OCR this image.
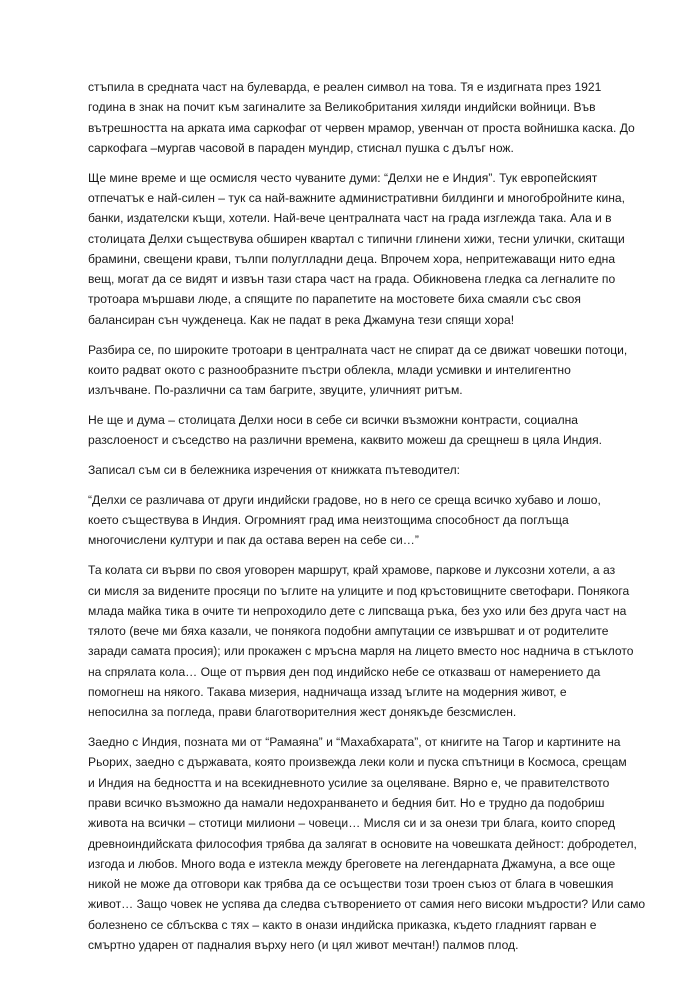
стъпила в средната част на булеварда, е реален символ на това. Тя е издигната през 1921
година в знак на почит към загиналите за Великобритания хиляди индийски войници. Във
вътрешността на арката има саркофаг от червен мрамор, увенчан от проста войнишка каска. До
саркофага –мургав часовой в параден мундир, стиснал пушка с дълъг нож.

Ще мине време и ще осмисля често чуваните думи: “Делхи не е Индия”. Тук европейският
отпечатък е най-силен – тук са най-важните административни билдинги и многобройните кина,
банки, издателски къщи, хотели. Най-вече централната част на града изглежда така. Ала и в
столицата Делхи съществува обширен квартал с типични глинени хижи, тесни улички, скитащи
брамини, свещени крави, тълпи полуглладни деца. Впрочем хора, непритежаващи нито една
вещ, могат да се видят и извън тази стара част на града. Обикновена гледка са легналите по
тротоара мършави люде, а спящите по парапетите на мостовете биха смаяли със своя
балансиран сън чужденеца. Как не падат в река Джамуна тези спящи хора!

Разбира се, по широките тротоари в централната част не спират да се движат човешки потоци,
които радват окото с разнообразните пъстри облекла, млади усмивки и интелигентно
излъчване. По-различни са там багрите, звуците, уличният ритъм.

Не ще и дума – столицата Делхи носи в себе си всички възможни контрасти, социална
разслоеност и съседство на различни времена, каквито можеш да срещнеш в цяла Индия.

Записал съм си в бележника изречения от книжката пътеводител:

“Делхи се различава от други индийски градове, но в него се среща всичко хубаво и лошо,
което съществува в Индия. Огромният град има неизтощима способност да поглъща
многочислени култури и пак да остава верен на себе си…”

Та колата си върви по своя уговорен маршрут, край храмове, паркове и луксозни хотели, а аз
си мисля за видените просяци по ъглите на улиците и под кръстовищните светофари. Понякога
млада майка тика в очите ти непроходило дете с липсваща ръка, без ухо или без друга част на
тялото (вече ми бяха казали, че понякога подобни ампутации се извършват и от родителите
заради самата просия); или прокажен с мръсна марля на лицето вместо нос наднича в стъклото
на спрялата кола… Още от първия ден под индийско небе се отказваш от намерението да
помогнеш на някого. Такава мизерия, надничаща иззад ъглите на модерния живот, е
непосилна за погледа, прави благотворителния жест донякъде безсмислен.

Заедно с Индия, позната ми от “Рамаяна” и “Махабхарата”, от книгите на Тагор и картините на
Рьорих, заедно с държавата, която произвежда леки коли и пуска спътници в Космоса, срещам
и Индия на бедността и на всекидневното усилие за оцеляване. Вярно е, че правителството
прави всичко възможно да намали недохранването и бедния бит. Но е трудно да подобриш
живота на всички – стотици милиони – човеци… Мисля си и за онези три блага, които според
древноиндийската философия трябва да залягат в основите на човешката дейност: добродетел,
изгода и любов. Много вода е изтекла между бреговете на легендарната Джамуна, а все още
никой не може да отговори как трябва да се осъществи този троен съюз от блага в човешкия
живот… Защо човек не успява да следва сътворението от самия него високи мъдрости? Или само
болезнено се сблъсква с тях – както в онази индийска приказка, където гладният гарван е
смъртно ударен от падналия върху него (и цял живот мечтан!) палмов плод.
